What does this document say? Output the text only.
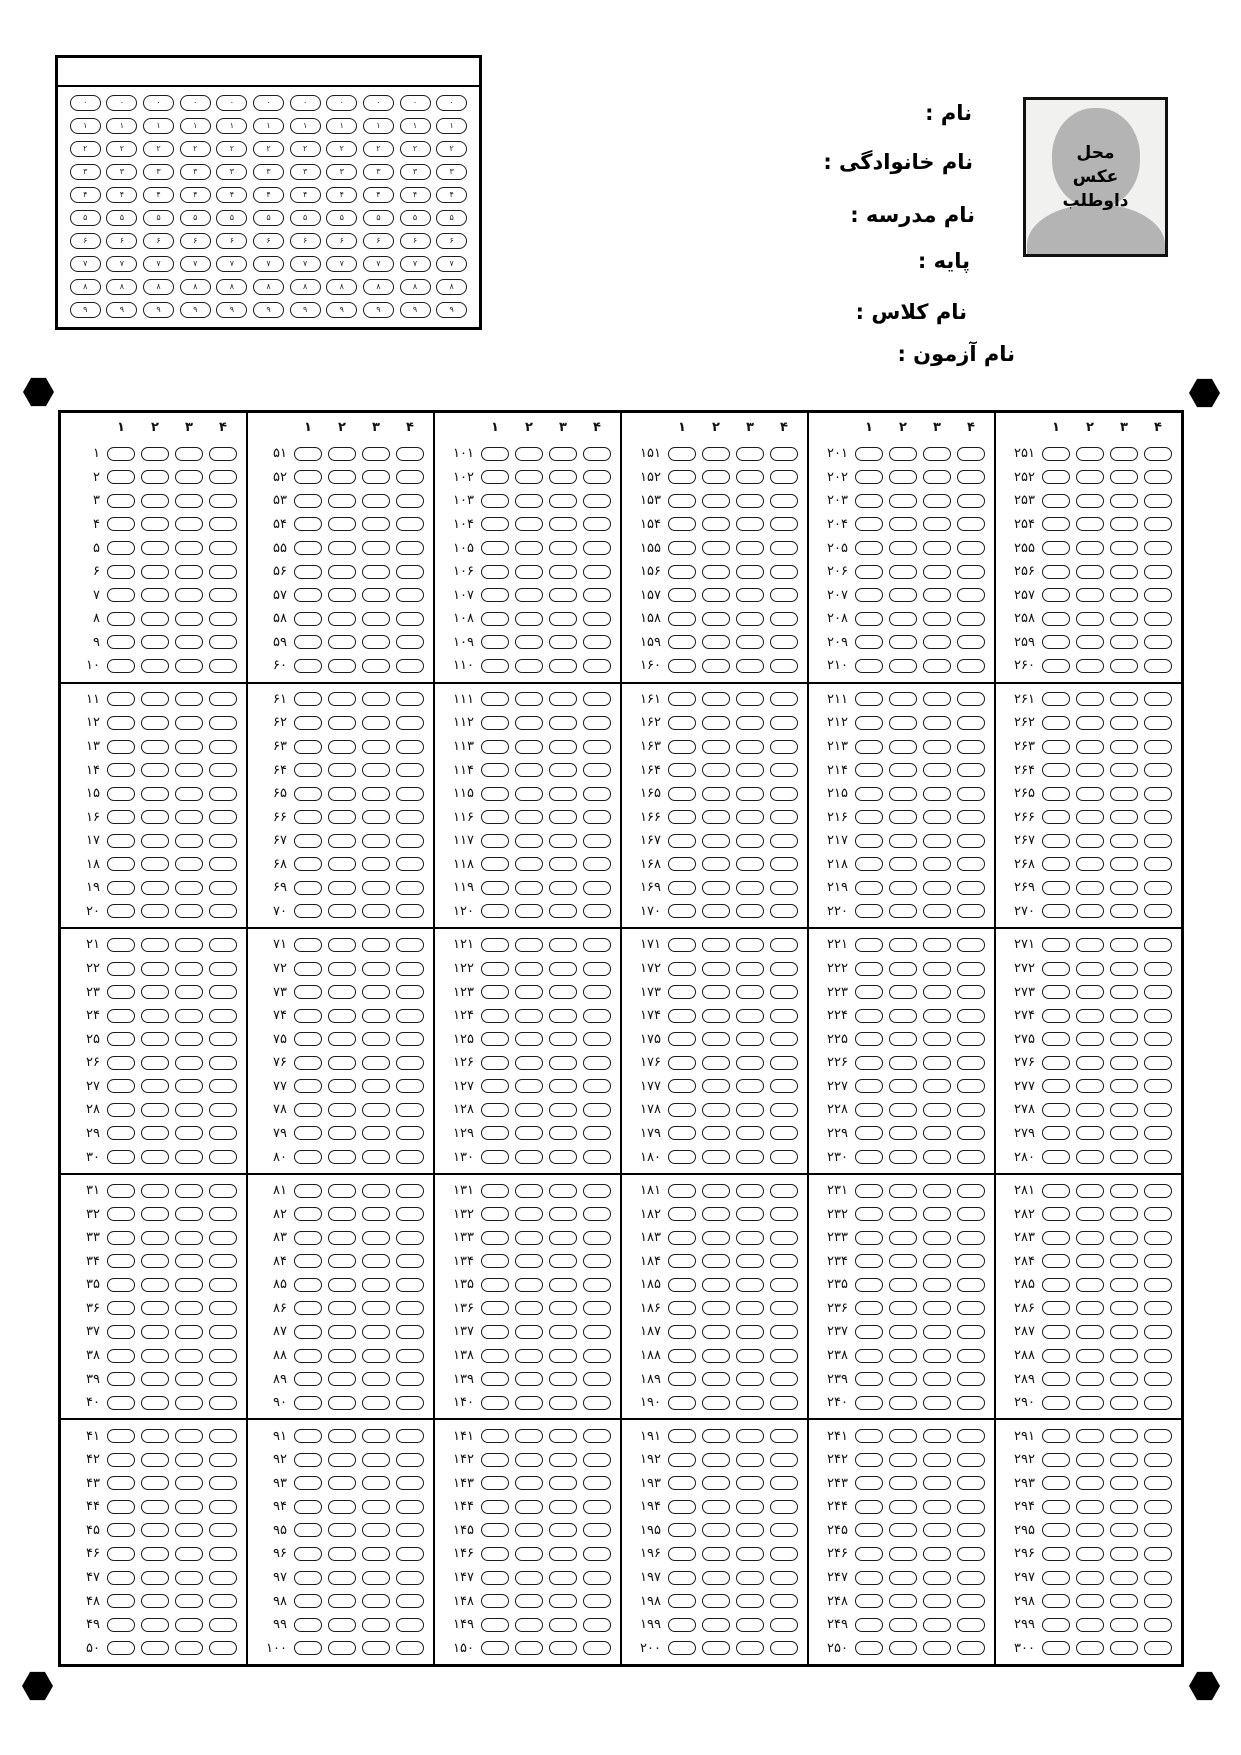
۰	۰	۰	۰	۰	۰	۰	۰	۰	۰	۰
۱	۱	۱	۱	۱	۱	۱	۱	۱	۱	۱
۲	۲	۲	۲	۲	۲	۲	۲	۲	۲	۲
۳	۳	۳	۳	۳	۳	۳	۳	۳	۳	۳
۴	۴	۴	۴	۴	۴	۴	۴	۴	۴	۴
۵	۵	۵	۵	۵	۵	۵	۵	۵	۵	۵
۶	۶	۶	۶	۶	۶	۶	۶	۶	۶	۶
۷	۷	۷	۷	۷	۷	۷	۷	۷	۷	۷
۸	۸	۸	۸	۸	۸	۸	۸	۸	۸	۸
۹	۹	۹	۹	۹	۹	۹	۹	۹	۹	۹
نام :
نام خانوادگی :
نام مدرسه :
پایه :
نام کلاس :
نام آزمون :
محل
عکس
داوطلب
۱	۲	۳	۴
۱
۲
۳
۴
۵
۶
۷
۸
۹
۱۰
۱۱
۱۲
۱۳
۱۴
۱۵
۱۶
۱۷
۱۸
۱۹
۲۰
۲۱
۲۲
۲۳
۲۴
۲۵
۲۶
۲۷
۲۸
۲۹
۳۰
۳۱
۳۲
۳۳
۳۴
۳۵
۳۶
۳۷
۳۸
۳۹
۴۰
۴۱
۴۲
۴۳
۴۴
۴۵
۴۶
۴۷
۴۸
۴۹
۵۰
۱	۲	۳	۴
۵۱
۵۲
۵۳
۵۴
۵۵
۵۶
۵۷
۵۸
۵۹
۶۰
۶۱
۶۲
۶۳
۶۴
۶۵
۶۶
۶۷
۶۸
۶۹
۷۰
۷۱
۷۲
۷۳
۷۴
۷۵
۷۶
۷۷
۷۸
۷۹
۸۰
۸۱
۸۲
۸۳
۸۴
۸۵
۸۶
۸۷
۸۸
۸۹
۹۰
۹۱
۹۲
۹۳
۹۴
۹۵
۹۶
۹۷
۹۸
۹۹
۱۰۰
۱	۲	۳	۴
۱۰۱
۱۰۲
۱۰۳
۱۰۴
۱۰۵
۱۰۶
۱۰۷
۱۰۸
۱۰۹
۱۱۰
۱۱۱
۱۱۲
۱۱۳
۱۱۴
۱۱۵
۱۱۶
۱۱۷
۱۱۸
۱۱۹
۱۲۰
۱۲۱
۱۲۲
۱۲۳
۱۲۴
۱۲۵
۱۲۶
۱۲۷
۱۲۸
۱۲۹
۱۳۰
۱۳۱
۱۳۲
۱۳۳
۱۳۴
۱۳۵
۱۳۶
۱۳۷
۱۳۸
۱۳۹
۱۴۰
۱۴۱
۱۴۲
۱۴۳
۱۴۴
۱۴۵
۱۴۶
۱۴۷
۱۴۸
۱۴۹
۱۵۰
۱	۲	۳	۴
۱۵۱
۱۵۲
۱۵۳
۱۵۴
۱۵۵
۱۵۶
۱۵۷
۱۵۸
۱۵۹
۱۶۰
۱۶۱
۱۶۲
۱۶۳
۱۶۴
۱۶۵
۱۶۶
۱۶۷
۱۶۸
۱۶۹
۱۷۰
۱۷۱
۱۷۲
۱۷۳
۱۷۴
۱۷۵
۱۷۶
۱۷۷
۱۷۸
۱۷۹
۱۸۰
۱۸۱
۱۸۲
۱۸۳
۱۸۴
۱۸۵
۱۸۶
۱۸۷
۱۸۸
۱۸۹
۱۹۰
۱۹۱
۱۹۲
۱۹۳
۱۹۴
۱۹۵
۱۹۶
۱۹۷
۱۹۸
۱۹۹
۲۰۰
۱	۲	۳	۴
۲۰۱
۲۰۲
۲۰۳
۲۰۴
۲۰۵
۲۰۶
۲۰۷
۲۰۸
۲۰۹
۲۱۰
۲۱۱
۲۱۲
۲۱۳
۲۱۴
۲۱۵
۲۱۶
۲۱۷
۲۱۸
۲۱۹
۲۲۰
۲۲۱
۲۲۲
۲۲۳
۲۲۴
۲۲۵
۲۲۶
۲۲۷
۲۲۸
۲۲۹
۲۳۰
۲۳۱
۲۳۲
۲۳۳
۲۳۴
۲۳۵
۲۳۶
۲۳۷
۲۳۸
۲۳۹
۲۴۰
۲۴۱
۲۴۲
۲۴۳
۲۴۴
۲۴۵
۲۴۶
۲۴۷
۲۴۸
۲۴۹
۲۵۰
۱	۲	۳	۴
۲۵۱
۲۵۲
۲۵۳
۲۵۴
۲۵۵
۲۵۶
۲۵۷
۲۵۸
۲۵۹
۲۶۰
۲۶۱
۲۶۲
۲۶۳
۲۶۴
۲۶۵
۲۶۶
۲۶۷
۲۶۸
۲۶۹
۲۷۰
۲۷۱
۲۷۲
۲۷۳
۲۷۴
۲۷۵
۲۷۶
۲۷۷
۲۷۸
۲۷۹
۲۸۰
۲۸۱
۲۸۲
۲۸۳
۲۸۴
۲۸۵
۲۸۶
۲۸۷
۲۸۸
۲۸۹
۲۹۰
۲۹۱
۲۹۲
۲۹۳
۲۹۴
۲۹۵
۲۹۶
۲۹۷
۲۹۸
۲۹۹
۳۰۰
